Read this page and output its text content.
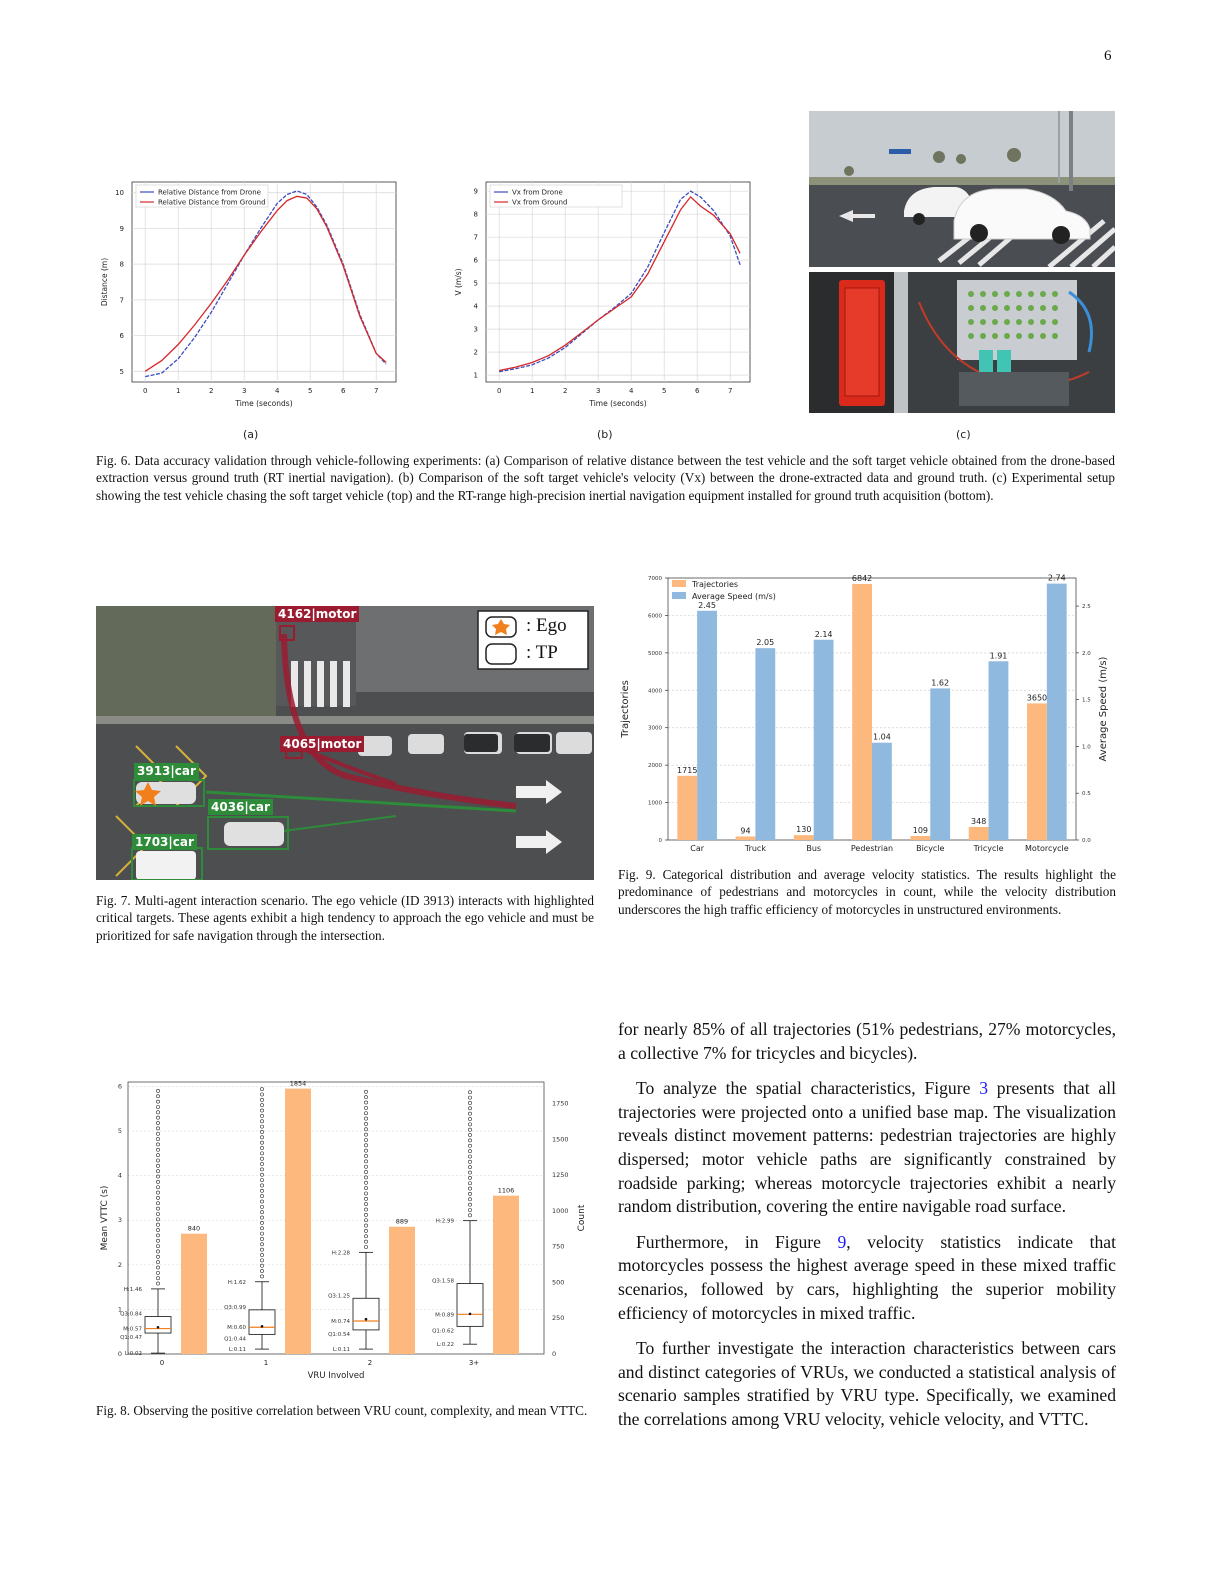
6
0	1	2	3	4	5	6	7
5
6
7
8
9
10
Time (seconds)
Distance (m)
Relative Distance from Drone
Relative Distance from Ground
0	1	2	3	4	5	6	7
1
2
3
4
5
6
7
8
9
Time (seconds)
V (m/s)
Vx from Drone
Vx from Ground
(a)	(b)	(c)
Fig. 6. Data accuracy validation through vehicle-following experiments: (a) Comparison of relative distance between the test vehicle and the soft target vehicle obtained from the drone-based extraction versus ground truth (RT inertial navigation). (b) Comparison of the soft target vehicle's velocity (Vx) between the drone-extracted data and ground truth. (c) Experimental setup showing the test vehicle chasing the soft target vehicle (top) and the RT-range high-precision inertial navigation equipment installed for ground truth acquisition (bottom).
: Ego
: TP
4162|motor
4065|motor
3913|car
4036|car
1703|car
Fig. 7. Multi-agent interaction scenario. The ego vehicle (ID 3913) interacts with highlighted critical targets. These agents exhibit a high tendency to approach the ego vehicle and must be prioritized for safe navigation through the intersection.
0
1000
2000
3000
4000
5000
6000
7000
0.0
0.5
1.0
1.5
2.0
2.5
1715
2.45
Car
94
2.05
Truck
130
2.14
Bus
6842
1.04
Pedestrian
109
1.62
Bicycle
348
1.91
Tricycle
3650
2.74
Motorcycle
Trajectories	Average Speed (m/s)
Trajectories
Average Speed (m/s)
Fig. 9. Categorical distribution and average velocity statistics. The results highlight the predominance of pedestrians and motorcycles in count, while the velocity distribution underscores the high traffic efficiency of motorcycles in unstructured environments.
0
1
2
3
4
5
6
0
250
500
750
1000
1250
1500
1750
840
0
H:1.46
Q3:0.84
M:0.57
Q1:0.47
L:0.02
1854
1
H:1.62
Q3:0.99
M:0.60
Q1:0.44
L:0.11
889
2
H:2.28
Q3:1.25
M:0.74
Q1:0.54
L:0.11
1106
3+
H:2.99
Q3:1.58
M:0.89
Q1:0.62
L:0.22
VRU Involved
Mean VTTC (s)	Count
Fig. 8. Observing the positive correlation between VRU count, complexity, and mean VTTC.

for nearly 85% of all trajectories (51% pedestrians, 27% motorcycles, a collective 7% for tricycles and bicycles).

To analyze the spatial characteristics, Figure 3 presents that all trajectories were projected onto a unified base map. The visualization reveals distinct movement patterns: pedestrian trajectories are highly dispersed; motor vehicle paths are significantly constrained by roadside parking; whereas motorcycle trajectories exhibit a nearly random distribution, covering the entire navigable road surface.

Furthermore, in Figure 9, velocity statistics indicate that motorcycles possess the highest average speed in these mixed traffic scenarios, followed by cars, highlighting the superior mobility efficiency of motorcycles in mixed traffic.

To further investigate the interaction characteristics between cars and distinct categories of VRUs, we conducted a statistical analysis of scenario samples stratified by VRU type. Specifically, we examined the correlations among VRU velocity, vehicle velocity, and VTTC.
